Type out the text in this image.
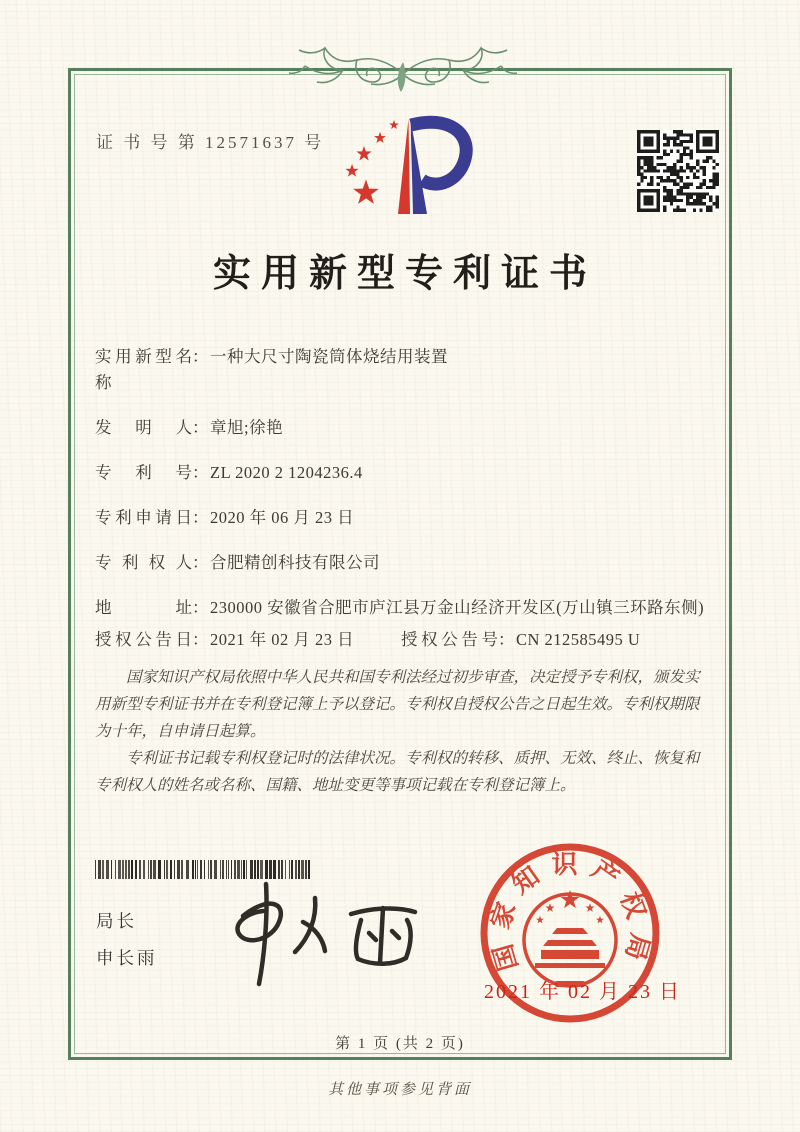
证 书 号 第 12571637 号
实用新型专利证书
实用新型名称
： 一种大尺寸陶瓷筒体烧结用装置
发明人 ： 章旭;徐艳
专利号 ： ZL 2020 2 1204236.4
专利申请日 ： 2020 年 06 月 23 日
专利权人 ： 合肥精创科技有限公司
地址 ： 230000 安徽省合肥市庐江县万金山经济开发区(万山镇三环路东侧)
授权公告日 ： 2021 年 02 月 23 日	授权公告号 ： CN 212585495 U

国家知识产权局依照中华人民共和国专利法经过初步审查，决定授予专利权，颁发实用新型专利证书并在专利登记簿上予以登记。专利权自授权公告之日起生效。专利权期限为十年，自申请日起算。

专利证书记载专利权登记时的法律状况。专利权的转移、质押、无效、终止、恢复和专利权人的姓名或名称、国籍、地址变更等事项记载在专利登记簿上。

局长
申长雨	国家知识产权局
2021 年 02 月 23 日
第 1 页 (共 2 页)
其他事项参见背面
